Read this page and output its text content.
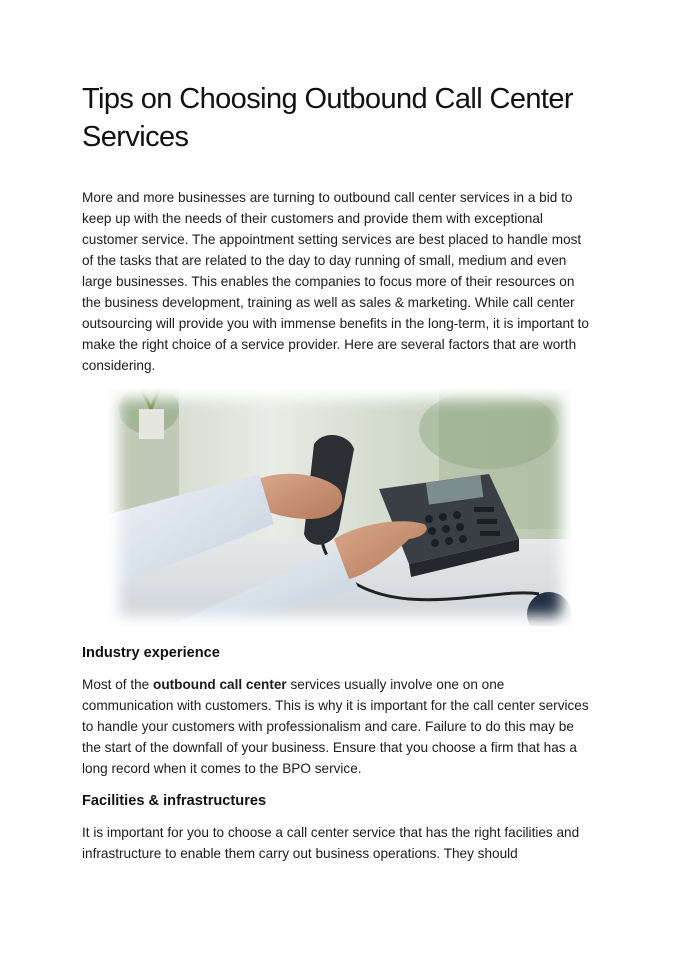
Tips on Choosing Outbound Call Center Services

More and more businesses are turning to outbound call center services in a bid to keep up with the needs of their customers and provide them with exceptional customer service. The appointment setting services are best placed to handle most of the tasks that are related to the day to day running of small, medium and even large businesses. This enables the companies to focus more of their resources on the business development, training as well as sales & marketing. While call center outsourcing will provide you with immense benefits in the long-term, it is important to make the right choice of a service provider. Here are several factors that are worth considering.

Industry experience

Most of the outbound call center services usually involve one on one communication with customers. This is why it is important for the call center services to handle your customers with professionalism and care. Failure to do this may be the start of the downfall of your business. Ensure that you choose a firm that has a long record when it comes to the BPO service.

Facilities & infrastructures

It is important for you to choose a call center service that has the right facilities and infrastructure to enable them carry out business operations. They should
